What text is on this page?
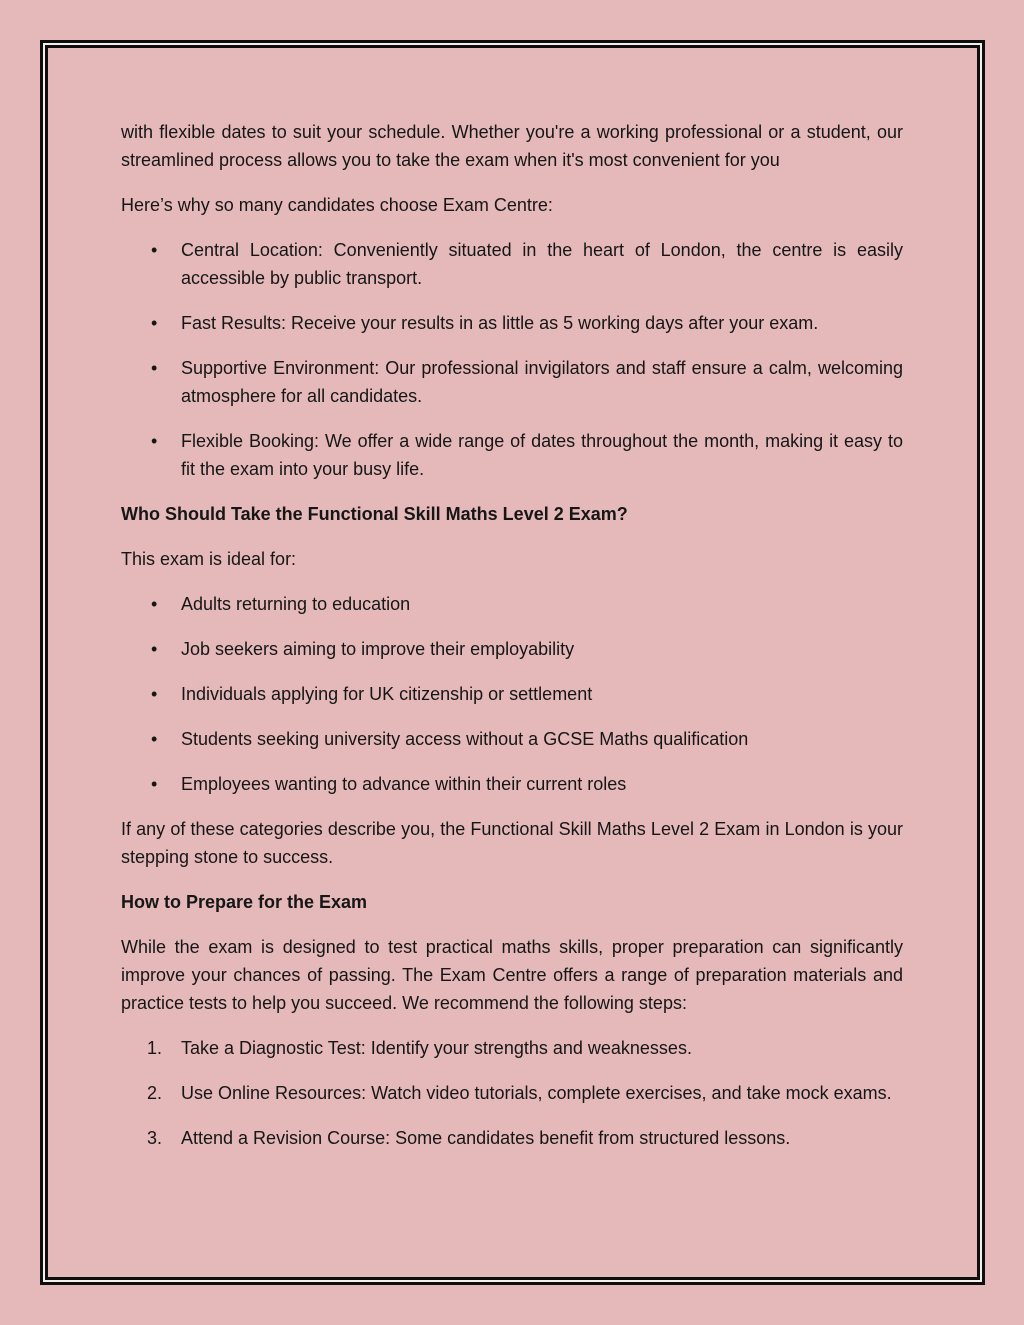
with flexible dates to suit your schedule. Whether you're a working professional or a student, our streamlined process allows you to take the exam when it's most convenient for you

Here’s why so many candidates choose Exam Centre:

•	Central Location: Conveniently situated in the heart of London, the centre is easily accessible by public transport.
•	Fast Results: Receive your results in as little as 5 working days after your exam.
•	Supportive Environment: Our professional invigilators and staff ensure a calm, welcoming atmosphere for all candidates.
•	Flexible Booking: We offer a wide range of dates throughout the month, making it easy to fit the exam into your busy life.

Who Should Take the Functional Skill Maths Level 2 Exam?

This exam is ideal for:

•	Adults returning to education
•	Job seekers aiming to improve their employability
•	Individuals applying for UK citizenship or settlement
•	Students seeking university access without a GCSE Maths qualification
•	Employees wanting to advance within their current roles

If any of these categories describe you, the Functional Skill Maths Level 2 Exam in London is your stepping stone to success.

How to Prepare for the Exam

While the exam is designed to test practical maths skills, proper preparation can significantly improve your chances of passing. The Exam Centre offers a range of preparation materials and practice tests to help you succeed. We recommend the following steps:

1.	Take a Diagnostic Test: Identify your strengths and weaknesses.
2.	Use Online Resources: Watch video tutorials, complete exercises, and take mock exams.
3.	Attend a Revision Course: Some candidates benefit from structured lessons.
